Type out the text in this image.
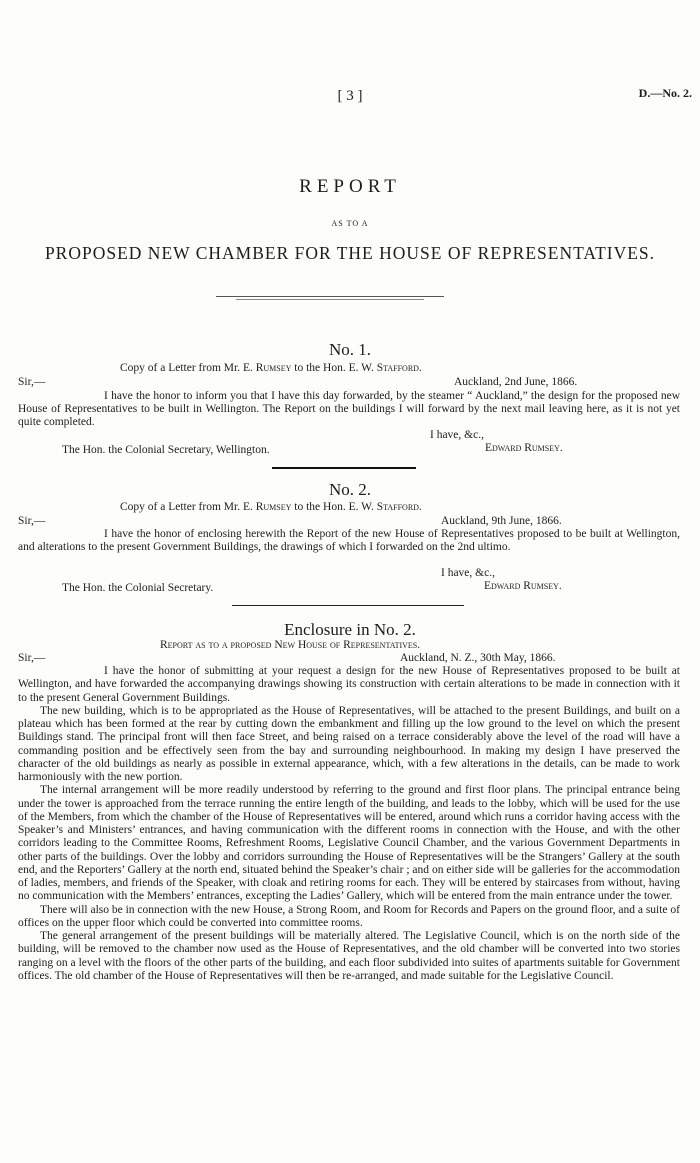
[ 3 ]	D.—No. 2.
REPORT
AS TO A
PROPOSED NEW CHAMBER FOR THE HOUSE OF REPRESENTATIVES.
No. 1.
Copy of a Letter from Mr. E. Rumsey to the Hon. E. W. Stafford.
Sir,—	Auckland, 2nd June, 1866.

I have the honor to inform you that I have this day forwarded, by the steamer “ Auckland,” the design for the proposed new House of Representatives to be built in Wellington. The Report on the buildings I will forward by the next mail leaving here, as it is not yet quite completed.

I have, &c.,
The Hon. the Colonial Secretary, Wellington.	Edward Rumsey.
No. 2.
Copy of a Letter from Mr. E. Rumsey to the Hon. E. W. Stafford.
Sir,—	Auckland, 9th June, 1866.

I have the honor of enclosing herewith the Report of the new House of Representatives proposed to be built at Wellington, and alterations to the present Government Buildings, the drawings of which I forwarded on the 2nd ultimo.

I have, &c.,
The Hon. the Colonial Secretary.	Edward Rumsey.
Enclosure in No. 2.
Report as to a proposed New House of Representatives.
Sir,—	Auckland, N. Z., 30th May, 1866.

I have the honor of submitting at your request a design for the new House of Representatives proposed to be built at Wellington, and have forwarded the accompanying drawings showing its construction with certain alterations to be made in connection with it to the present General Government Buildings.

The new building, which is to be appropriated as the House of Representatives, will be attached to the present Buildings, and built on a plateau which has been formed at the rear by cutting down the embankment and filling up the low ground to the level on which the present Buildings stand. The principal front will then face Street, and being raised on a terrace considerably above the level of the road will have a commanding position and be effectively seen from the bay and surrounding neighbourhood. In making my design I have preserved the character of the old buildings as nearly as possible in external appearance, which, with a few alterations in the details, can be made to work harmoniously with the new portion.

The internal arrangement will be more readily understood by referring to the ground and first floor plans. The principal entrance being under the tower is approached from the terrace running the entire length of the building, and leads to the lobby, which will be used for the use of the Members, from which the chamber of the House of Representatives will be entered, around which runs a corridor having access with the Speaker’s and Ministers’ entrances, and having communication with the different rooms in connection with the House, and with the other corridors leading to the Committee Rooms, Refreshment Rooms, Legislative Council Chamber, and the various Government Departments in other parts of the buildings. Over the lobby and corridors surrounding the House of Representatives will be the Strangers’ Gallery at the south end, and the Reporters’ Gallery at the north end, situated behind the Speaker’s chair ; and on either side will be galleries for the accommodation of ladies, members, and friends of the Speaker, with cloak and retiring rooms for each. They will be entered by staircases from without, having no communication with the Members’ entrances, excepting the Ladies’ Gallery, which will be entered from the main entrance under the tower.

There will also be in connection with the new House, a Strong Room, and Room for Records and Papers on the ground floor, and a suite of offices on the upper floor which could be converted into committee rooms.

The general arrangement of the present buildings will be materially altered. The Legislative Council, which is on the north side of the building, will be removed to the chamber now used as the House of Representatives, and the old chamber will be converted into two stories ranging on a level with the floors of the other parts of the building, and each floor subdivided into suites of apartments suitable for Government offices. The old chamber of the House of Representatives will then be re-arranged, and made suitable for the Legislative Council.
